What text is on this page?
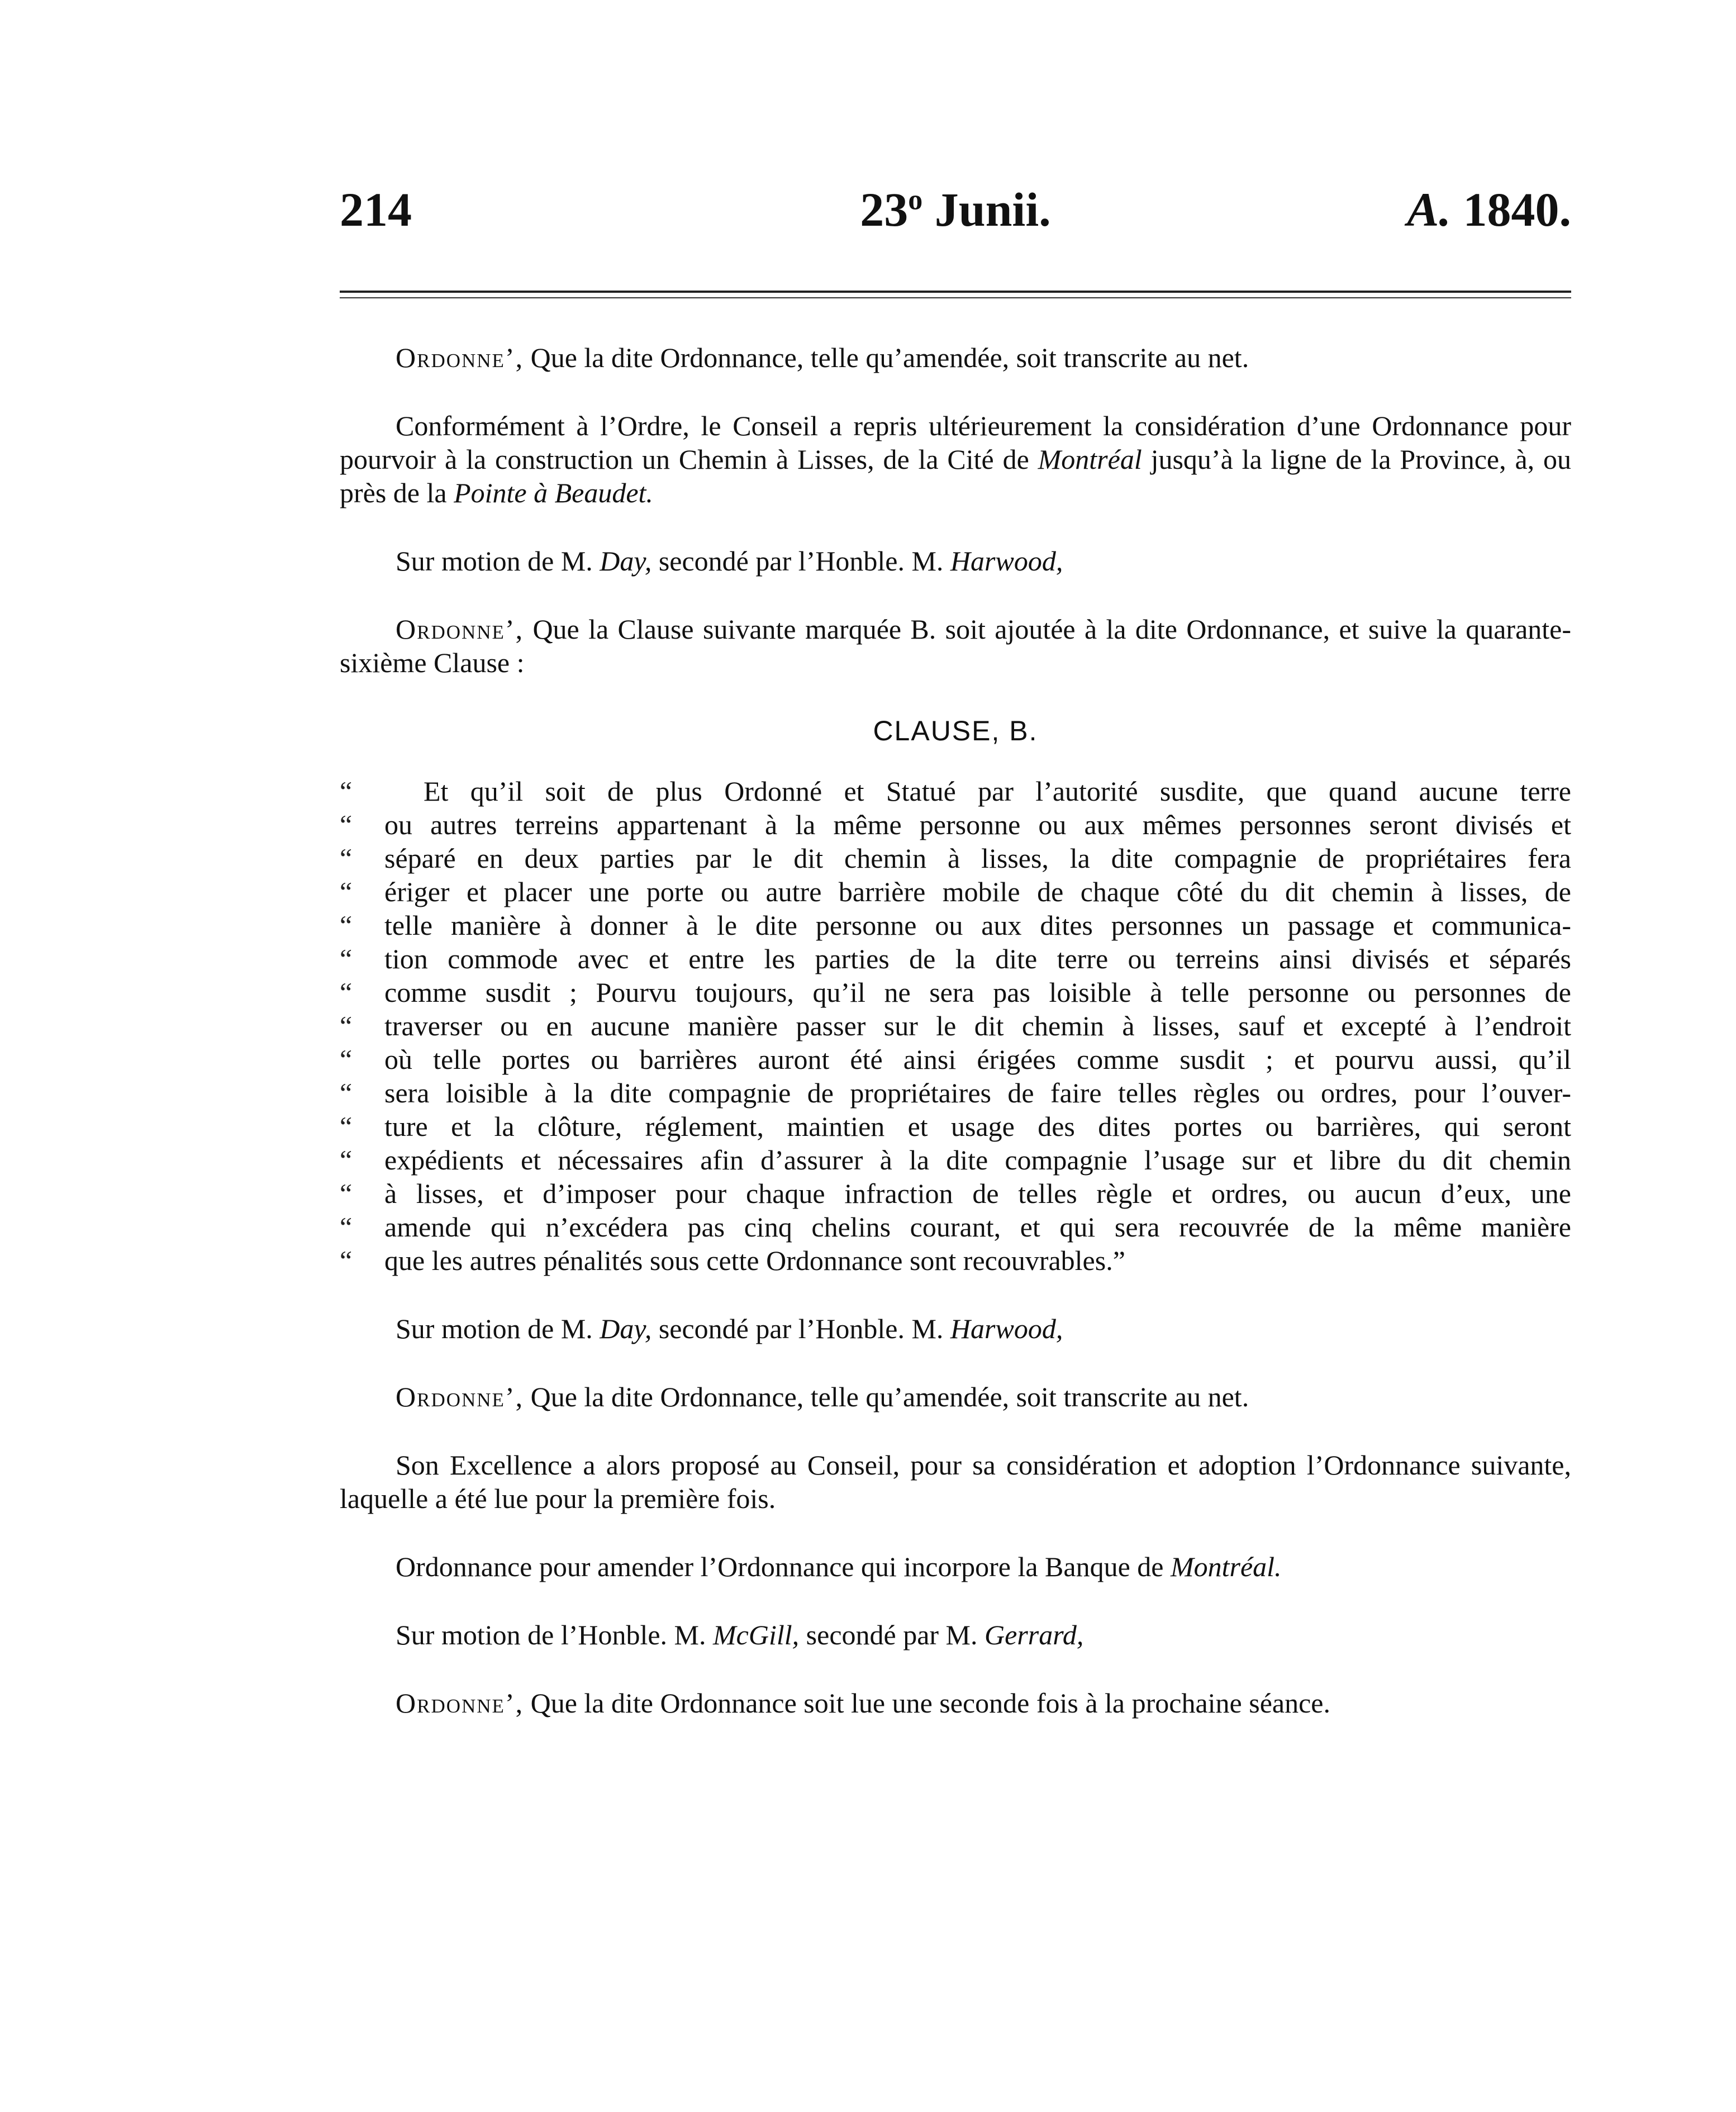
214	23$^o$ Junii.	A. 1840.

Ordonne’, Que la dite Ordonnance, telle qu’amendée, soit transcrite au net.

Conformément à l’Ordre, le Conseil a repris ultérieurement la considération d’une Ordonnance pour pourvoir à la construction un Chemin à Lisses, de la Cité de Montréal jusqu’à la ligne de la Province, à, ou près de la Pointe à Beaudet.

Sur motion de M. Day, secondé par l’Honble. M. Harwood,

Ordonne’, Que la Clause suivante marquée B. soit ajoutée à la dite Ordonnance, et suive la quarante-sixième Clause :

CLAUSE, B.
“	Et qu’il soit de plus Ordonné et Statué par l’autorité susdite, que quand aucune terre
“	ou autres terreins appartenant à la même personne ou aux mêmes personnes seront divisés et
“	séparé en deux parties par le dit chemin à lisses, la dite compagnie de propriétaires fera
“	ériger et placer une porte ou autre barrière mobile de chaque côté du dit chemin à lisses, de
“	telle manière à donner à le dite personne ou aux dites personnes un passage et communica-
“	tion commode avec et entre les parties de la dite terre ou terreins ainsi divisés et séparés
“	comme susdit ; Pourvu toujours, qu’il ne sera pas loisible à telle personne ou personnes de
“	traverser ou en aucune manière passer sur le dit chemin à lisses, sauf et excepté à l’endroit
“	où telle portes ou barrières auront été ainsi érigées comme susdit ; et pourvu aussi, qu’il
“	sera loisible à la dite compagnie de propriétaires de faire telles règles ou ordres, pour l’ouver-
“	ture et la clôture, réglement, maintien et usage des dites portes ou barrières, qui seront
“	expédients et nécessaires afin d’assurer à la dite compagnie l’usage sur et libre du dit chemin
“	à lisses, et d’imposer pour chaque infraction de telles règle et ordres, ou aucun d’eux, une
“	amende qui n’excédera pas cinq chelins courant, et qui sera recouvrée de la même manière
“	que les autres pénalités sous cette Ordonnance sont recouvrables.”

Sur motion de M. Day, secondé par l’Honble. M. Harwood,

Ordonne’, Que la dite Ordonnance, telle qu’amendée, soit transcrite au net.

Son Excellence a alors proposé au Conseil, pour sa considération et adoption l’Ordonnance suivante, laquelle a été lue pour la première fois.

Ordonnance pour amender l’Ordonnance qui incorpore la Banque de Montréal.

Sur motion de l’Honble. M. McGill, secondé par M. Gerrard,

Ordonne’, Que la dite Ordonnance soit lue une seconde fois à la prochaine séance.
